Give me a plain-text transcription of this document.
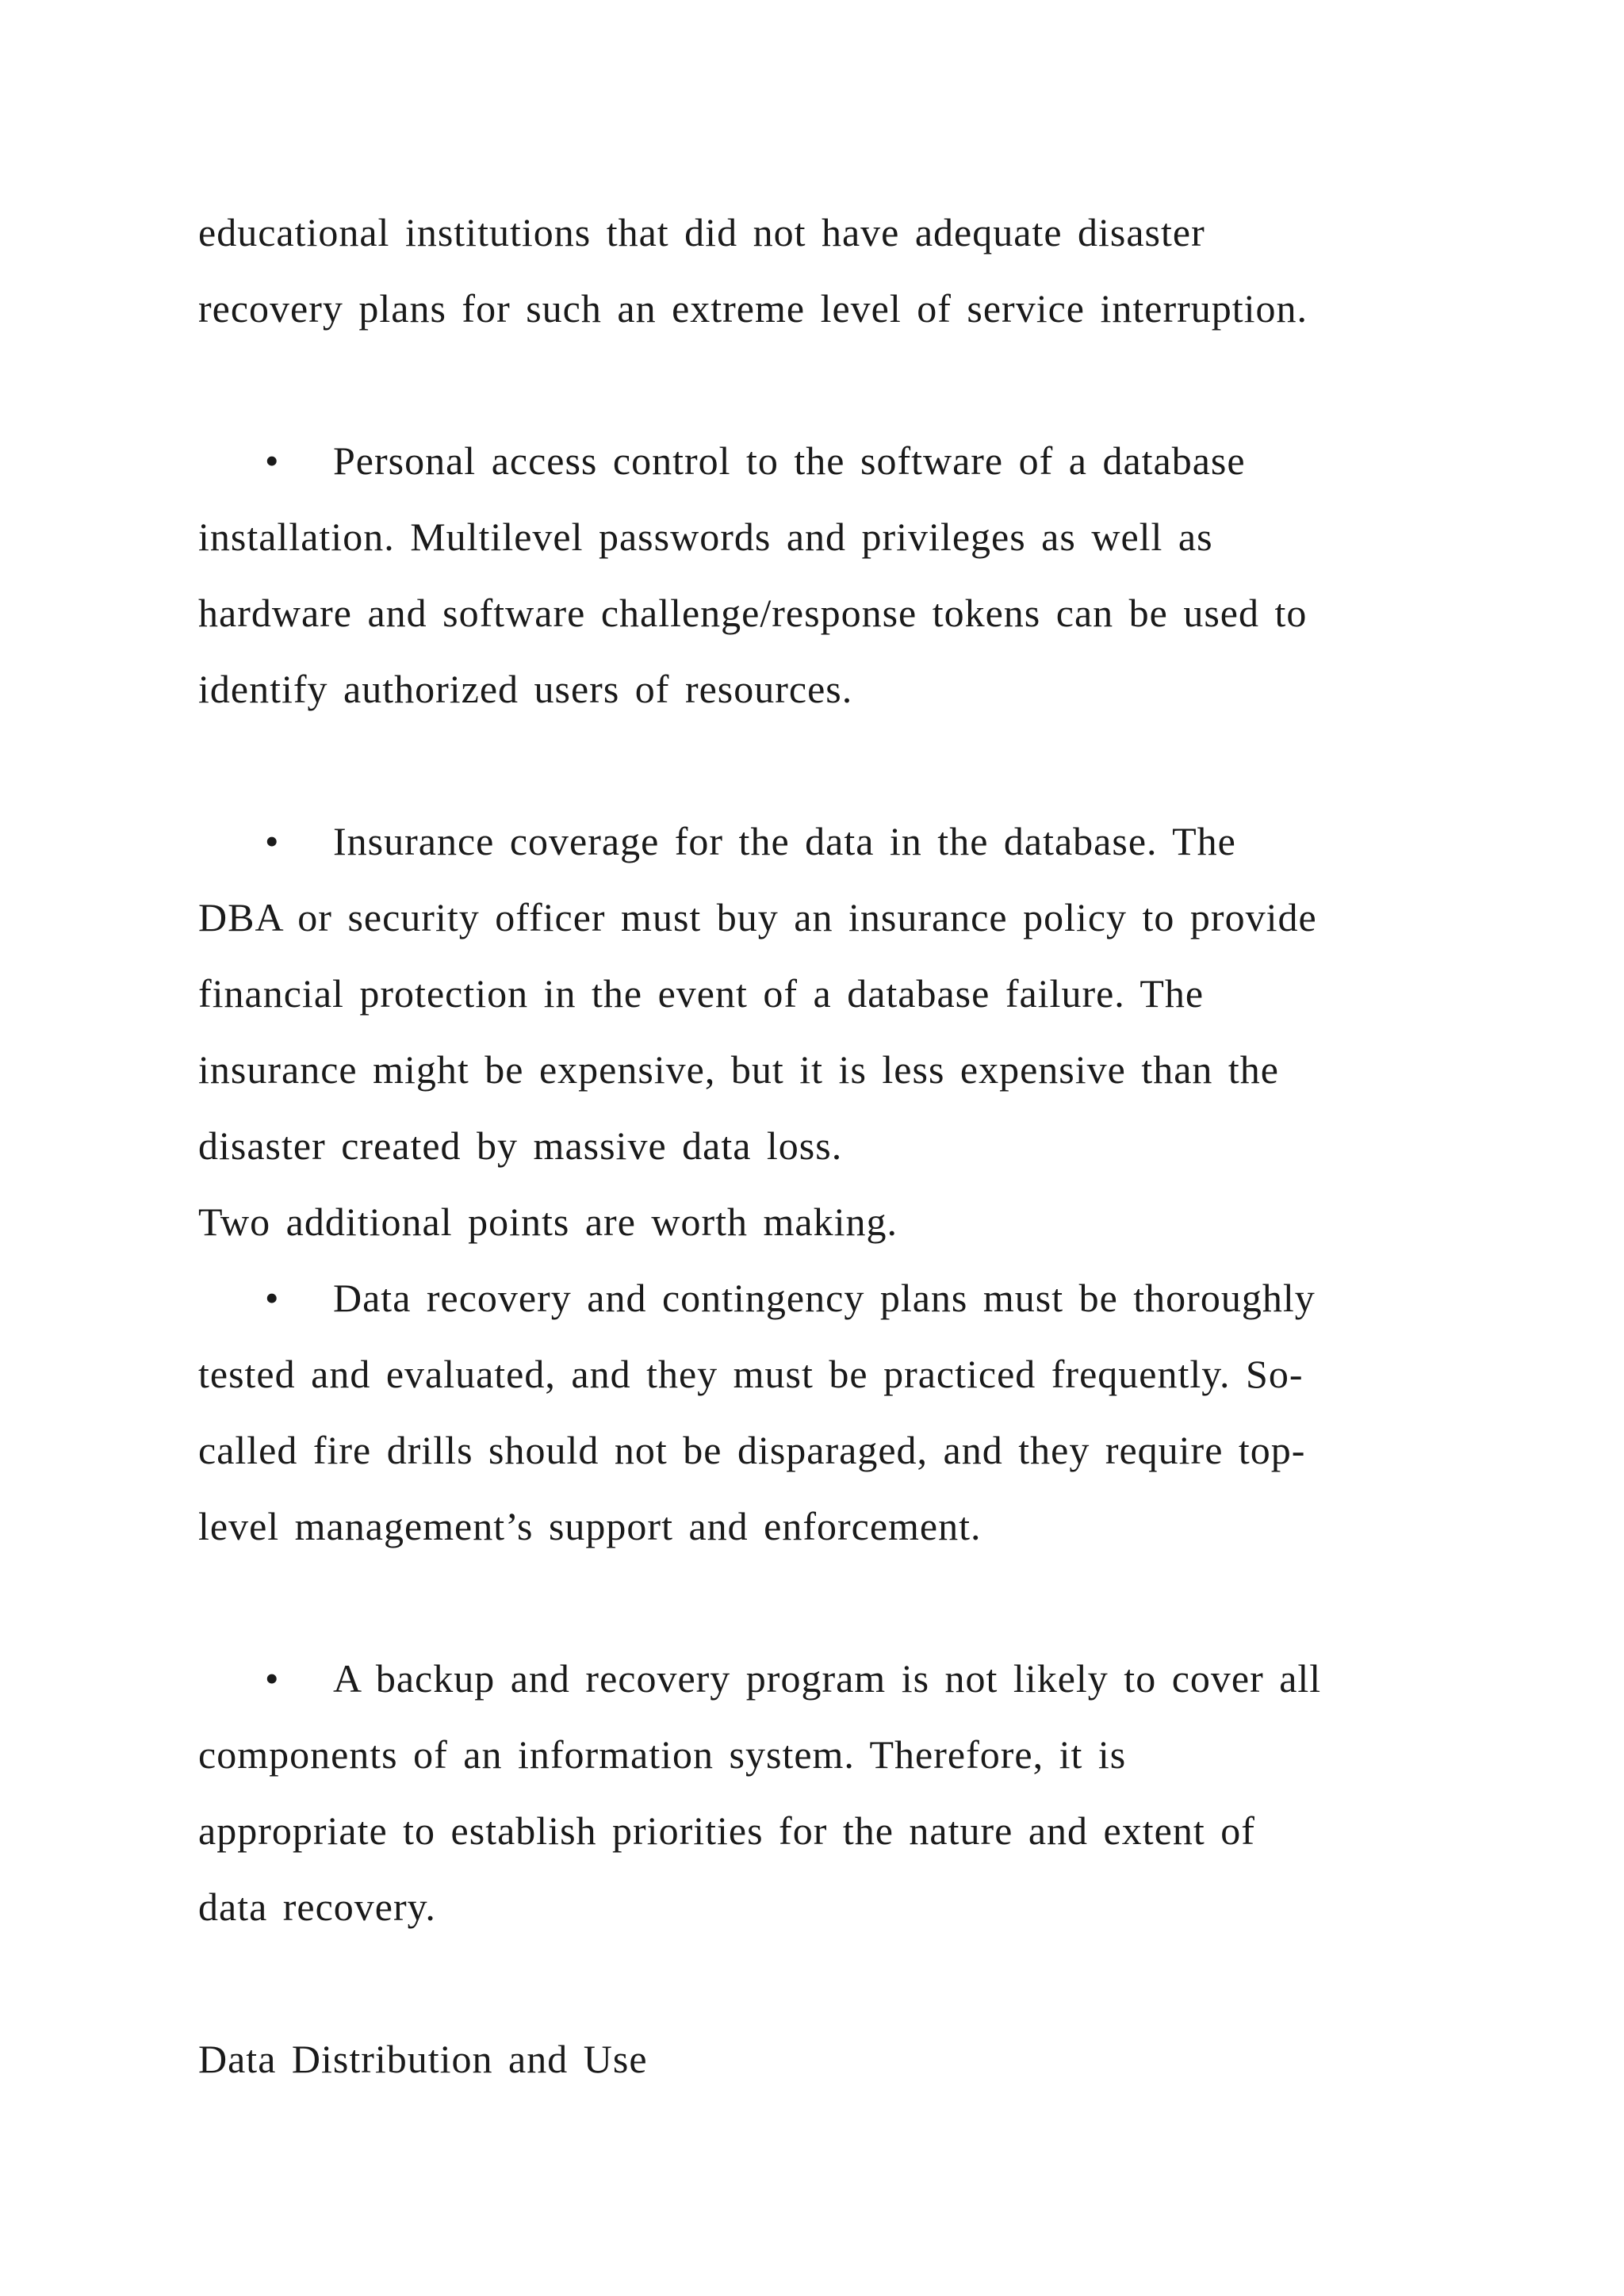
educational institutions that did not have adequate disaster
recovery plans for such an extreme level of service interruption.
• Personal access control to the software of a database
installation. Multilevel passwords and privileges as well as
hardware and software challenge/response tokens can be used to
identify authorized users of resources.
• Insurance coverage for the data in the database. The
DBA or security officer must buy an insurance policy to provide
financial protection in the event of a database failure. The
insurance might be expensive, but it is less expensive than the
disaster created by massive data loss.
Two additional points are worth making.
• Data recovery and contingency plans must be thoroughly
tested and evaluated, and they must be practiced frequently. So-
called fire drills should not be disparaged, and they require top-
level management’s support and enforcement.
• A backup and recovery program is not likely to cover all
components of an information system. Therefore, it is
appropriate to establish priorities for the nature and extent of
data recovery.
Data Distribution and Use
